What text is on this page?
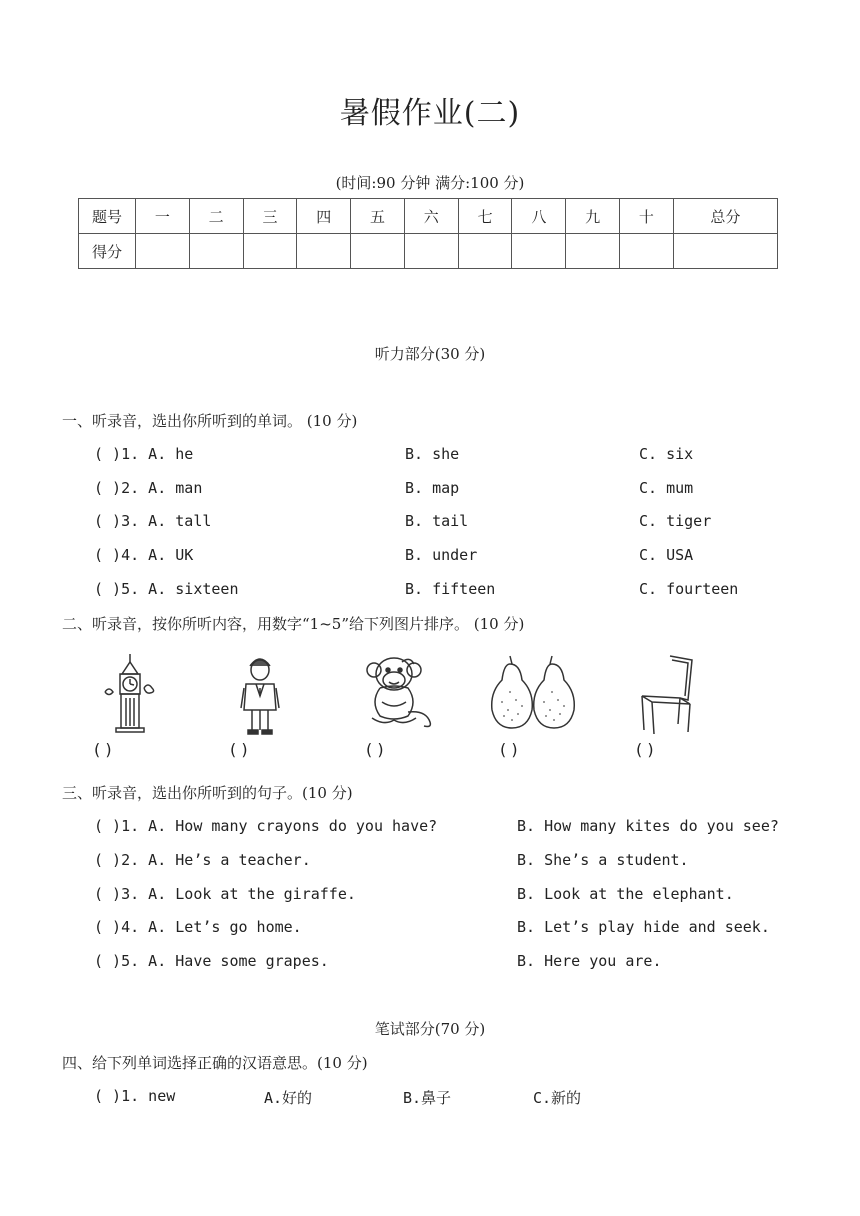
暑假作业(二)
(时间:90 分钟 满分:100 分)
题号	一	二	三	四	五	六	七	八	九	十	总分
得分											
听力部分(30 分)
一、听录音，选出你所听到的单词。 (10 分)
( )1. A. he	B. she	C. six
( )2. A. man	B. map	C. mum
( )3. A. tall	B. tail	C. tiger
( )4. A. UK	B. under	C. USA
( )5. A. sixteen	B. fifteen	C. fourteen
二、听录音，按你所听内容，用数字“1~5”给下列图片排序。 (10 分)
( )	( )	( )	( )	( )
三、听录音，选出你所听到的句子。(10 分)
( )1. A. How many crayons do you have?	B. How many kites do you see?
( )2. A. He’s a teacher.	B. She’s a student.
( )3. A. Look at the giraffe.	B. Look at the elephant.
( )4. A. Let’s go home.	B. Let’s play hide and seek.
( )5. A. Have some grapes.	B. Here you are.
笔试部分(70 分)
四、给下列单词选择正确的汉语意思。(10 分)
( )1. new	A.好的	B.鼻子	C.新的
